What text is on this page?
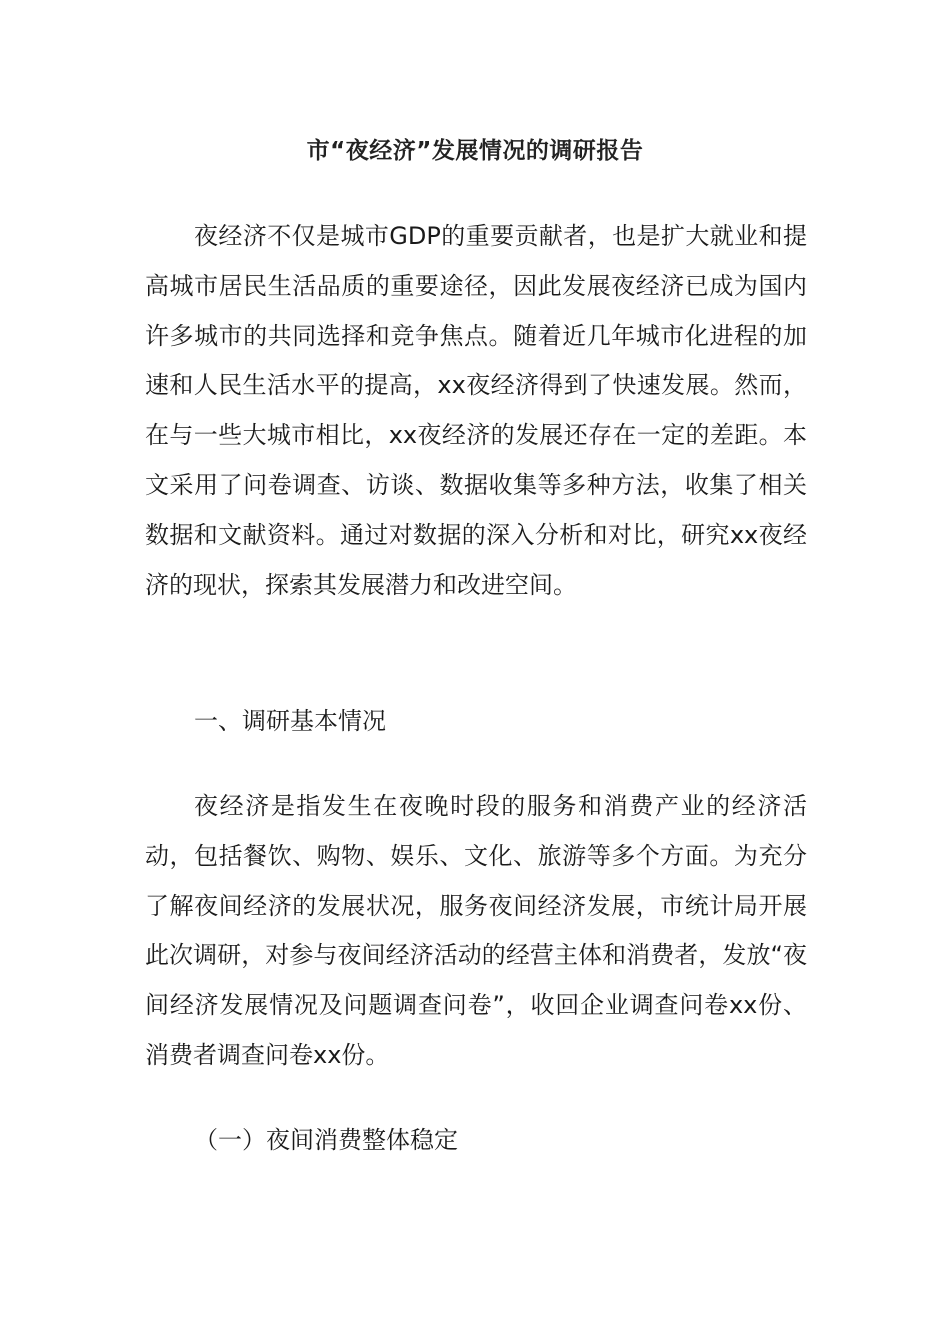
市“夜经济”发展情况的调研报告

夜经济不仅是城市GDP的重要贡献者，也是扩大就业和提高城市居民生活品质的重要途径，因此发展夜经济已成为国内许多城市的共同选择和竞争焦点。随着近几年城市化进程的加速和人民生活水平的提高，xx夜经济得到了快速发展。然而，在与一些大城市相比，xx夜经济的发展还存在一定的差距。本文采用了问卷调查、访谈、数据收集等多种方法，收集了相关数据和文献资料。通过对数据的深入分析和对比，研究xx夜经济的现状，探索其发展潜力和改进空间。

一、调研基本情况

夜经济是指发生在夜晚时段的服务和消费产业的经济活动，包括餐饮、购物、娱乐、文化、旅游等多个方面。为充分了解夜间经济的发展状况，服务夜间经济发展，市统计局开展此次调研，对参与夜间经济活动的经营主体和消费者，发放“夜间经济发展情况及问题调查问卷”，收回企业调查问卷xx份、消费者调查问卷xx份。

（一）夜间消费整体稳定
